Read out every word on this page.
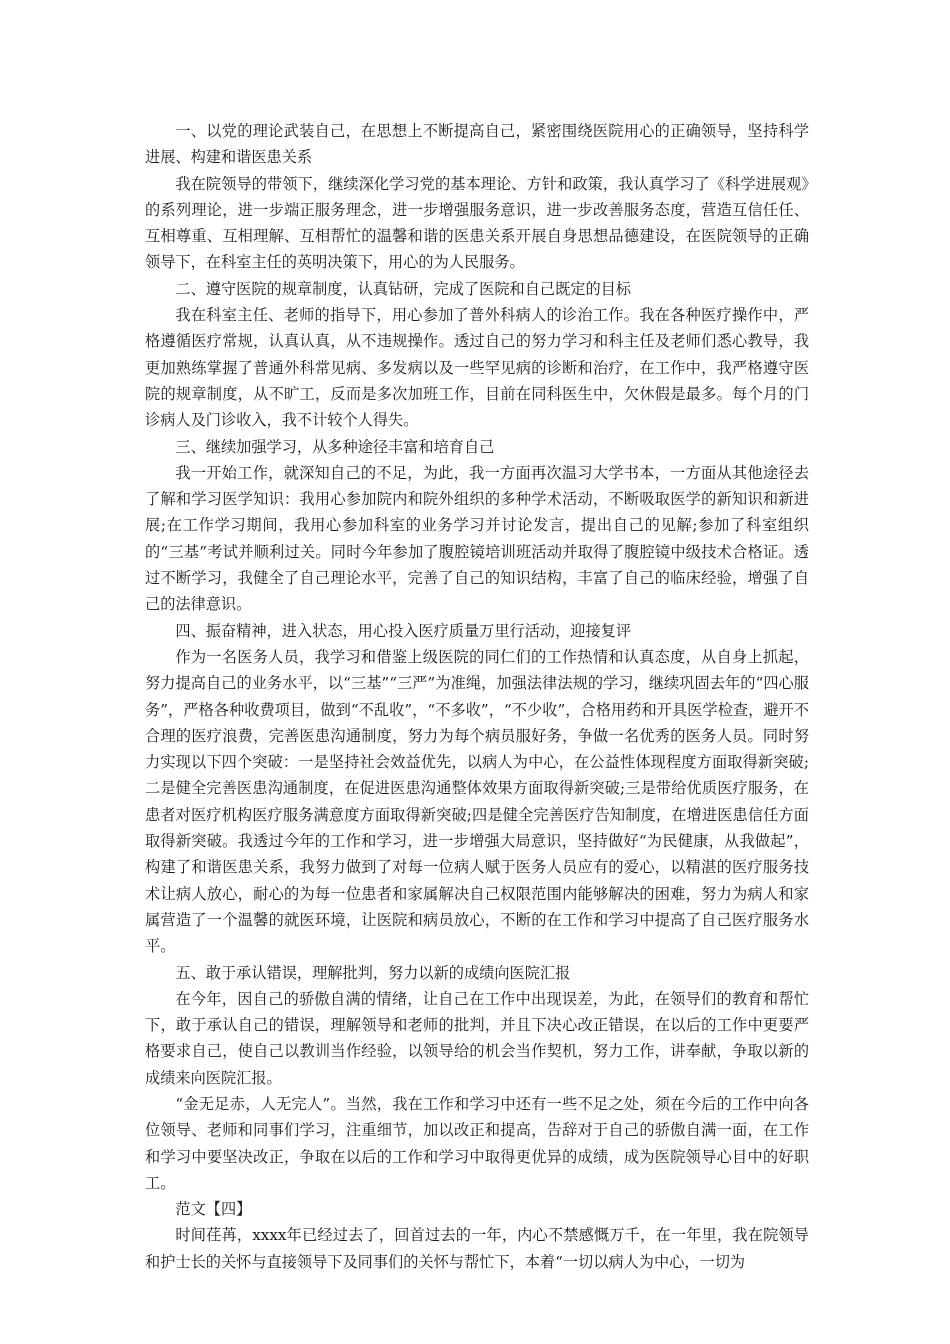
一、以党的理论武装自己，在思想上不断提高自己，紧密围绕医院用心的正确领导，坚持科学进展、构建和谐医患关系

我在院领导的带领下，继续深化学习党的基本理论、方针和政策，我认真学习了《科学进展观》的系列理论，进一步端正服务理念，进一步增强服务意识，进一步改善服务态度，营造互信任任、互相尊重、互相理解、互相帮忙的温馨和谐的医患关系开展自身思想品德建设，在医院领导的正确领导下，在科室主任的英明决策下，用心的为人民服务。

二、遵守医院的规章制度，认真钻研，完成了医院和自己既定的目标

我在科室主任、老师的指导下，用心参加了普外科病人的诊治工作。我在各种医疗操作中，严格遵循医疗常规，认真认真，从不违规操作。透过自己的努力学习和科主任及老师们悉心教导，我更加熟练掌握了普通外科常见病、多发病以及一些罕见病的诊断和治疗，在工作中，我严格遵守医院的规章制度，从不旷工，反而是多次加班工作，目前在同科医生中，欠休假是最多。每个月的门诊病人及门诊收入，我不计较个人得失。

三、继续加强学习，从多种途径丰富和培育自己

我一开始工作，就深知自己的不足，为此，我一方面再次温习大学书本，一方面从其他途径去了解和学习医学知识：我用心参加院内和院外组织的多种学术活动，不断吸取医学的新知识和新进展;在工作学习期间，我用心参加科室的业务学习并讨论发言，提出自己的见解;参加了科室组织的“三基”考试并顺利过关。同时今年参加了腹腔镜培训班活动并取得了腹腔镜中级技术合格证。透过不断学习，我健全了自己理论水平，完善了自己的知识结构，丰富了自己的临床经验，增强了自己的法律意识。

四、振奋精神，进入状态，用心投入医疗质量万里行活动，迎接复评

作为一名医务人员，我学习和借鉴上级医院的同仁们的工作热情和认真态度，从自身上抓起，努力提高自己的业务水平，以“三基”“三严”为准绳，加强法律法规的学习，继续巩固去年的“四心服务”，严格各种收费项目，做到“不乱收”，“不多收”，“不少收”，合格用药和开具医学检查，避开不合理的医疗浪费，完善医患沟通制度，努力为每个病员服好务，争做一名优秀的医务人员。同时努力实现以下四个突破：一是坚持社会效益优先，以病人为中心，在公益性体现程度方面取得新突破;二是健全完善医患沟通制度，在促进医患沟通整体效果方面取得新突破;三是带给优质医疗服务，在患者对医疗机构医疗服务满意度方面取得新突破;四是健全完善医疗告知制度，在增进医患信任方面取得新突破。我透过今年的工作和学习，进一步增强大局意识，坚持做好“为民健康，从我做起”，构建了和谐医患关系，我努力做到了对每一位病人赋于医务人员应有的爱心，以精湛的医疗服务技术让病人放心，耐心的为每一位患者和家属解决自己权限范围内能够解决的困难，努力为病人和家属营造了一个温馨的就医环境，让医院和病员放心，不断的在工作和学习中提高了自己医疗服务水平。

五、敢于承认错误，理解批判，努力以新的成绩向医院汇报

在今年，因自己的骄傲自满的情绪，让自己在工作中出现误差，为此，在领导们的教育和帮忙下，敢于承认自己的错误，理解领导和老师的批判，并且下决心改正错误，在以后的工作中更要严格要求自己，使自己以教训当作经验，以领导给的机会当作契机，努力工作，讲奉献，争取以新的成绩来向医院汇报。

“金无足赤，人无完人”。当然，我在工作和学习中还有一些不足之处，须在今后的工作中向各位领导、老师和同事们学习，注重细节，加以改正和提高，告辞对于自己的骄傲自满一面，在工作和学习中要坚决改正，争取在以后的工作和学习中取得更优异的成绩，成为医院领导心目中的好职工。

范文【四】

时间荏苒，xxxx年已经过去了，回首过去的一年，内心不禁感慨万千，在一年里，我在院领导和护士长的关怀与直接领导下及同事们的关怀与帮忙下，本着“一切以病人为中心，一切为
